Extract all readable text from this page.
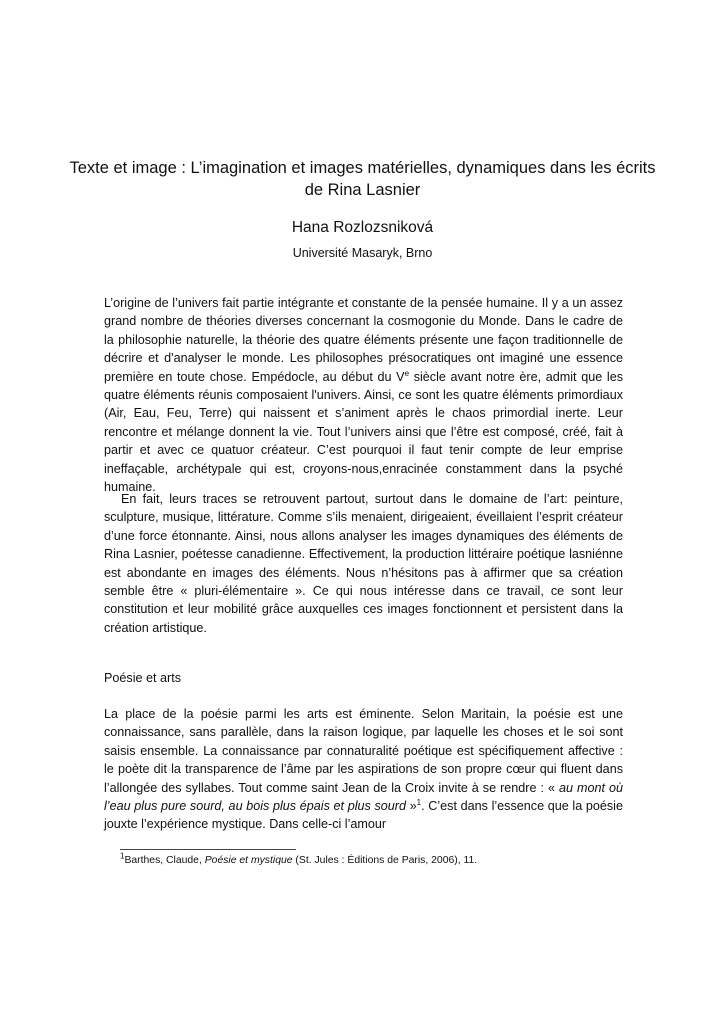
Texte et image : L’imagination et images matérielles, dynamiques dans les écrits de Rina Lasnier
Hana Rozlozsniková
Université Masaryk, Brno

L’origine de l’univers fait partie intégrante et constante de la pensée humaine. Il y a un assez grand nombre de théories diverses concernant la cosmogonie du Monde. Dans le cadre de la philosophie naturelle, la théorie des quatre éléments présente une façon traditionnelle de décrire et d'analyser le monde. Les philosophes présocratiques ont imaginé une essence première en toute chose. Empédocle, au début du Ve siècle avant notre ère, admit que les quatre éléments réunis composaient l'univers. Ainsi, ce sont les quatre éléments primordiaux (Air, Eau, Feu, Terre) qui naissent et s’animent après le chaos primordial inerte. Leur rencontre et mélange donnent la vie. Tout l’univers ainsi que l’être est composé, créé, fait à partir et avec ce quatuor créateur. C’est pourquoi il faut tenir compte de leur emprise ineffaçable, archétypale qui est, croyons-nous,enracinée constamment dans la psyché humaine.

En fait, leurs traces se retrouvent partout, surtout dans le domaine de l’art: peinture, sculpture, musique, littérature. Comme s’ils menaient, dirigeaient, éveillaient l’esprit créateur d’une force étonnante. Ainsi, nous allons analyser les images dynamiques des éléments de Rina Lasnier, poétesse canadienne. Effectivement, la production littéraire poétique lasniénne est abondante en images des éléments. Nous n’hésitons pas à affirmer que sa création semble être « pluri-élémentaire ». Ce qui nous intéresse dans ce travail, ce sont leur constitution et leur mobilité grâce auxquelles ces images fonctionnent et persistent dans la création artistique.

Poésie et arts

La place de la poésie parmi les arts est éminente. Selon Maritain, la poésie est une connaissance, sans parallèle, dans la raison logique, par laquelle les choses et le soi sont saisis ensemble. La connaissance par connaturalité poétique est spécifiquement affective : le poète dit la transparence de l’âme par les aspirations de son propre cœur qui fluent dans l’allongée des syllabes. Tout comme saint Jean de la Croix invite à se rendre : « au mont où l’eau plus pure sourd, au bois plus épais et plus sourd »$^1$. C’est dans l’essence que la poésie jouxte l’expérience mystique. Dans celle-ci l’amour

$^1$Barthes, Claude, Poésie et mystique (St. Jules : Éditions de Paris, 2006), 11.
